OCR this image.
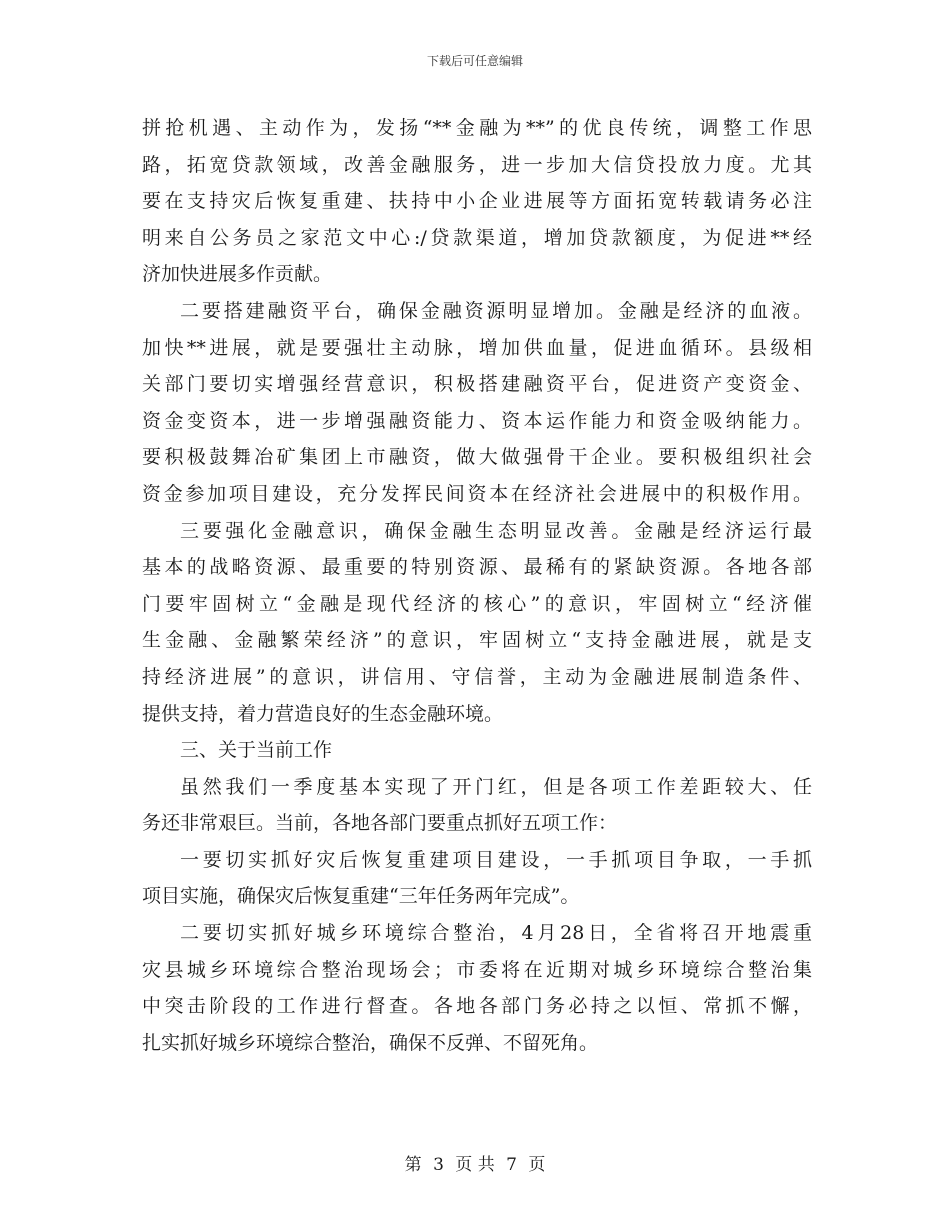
下载后可任意编辑
拼抢机遇、主动作为，发扬“**金融为**”的优良传统，调整工作思
路，拓宽贷款领域，改善金融服务，进一步加大信贷投放力度。尤其
要在支持灾后恢复重建、扶持中小企业进展等方面拓宽转载请务必注
明来自公务员之家范文中心:/贷款渠道，增加贷款额度，为促进**经
济加快进展多作贡献。
二要搭建融资平台，确保金融资源明显增加。金融是经济的血液。
加快**进展，就是要强壮主动脉，增加供血量，促进血循环。县级相
关部门要切实增强经营意识，积极搭建融资平台，促进资产变资金、
资金变资本，进一步增强融资能力、资本运作能力和资金吸纳能力。
要积极鼓舞冶矿集团上市融资，做大做强骨干企业。要积极组织社会
资金参加项目建设，充分发挥民间资本在经济社会进展中的积极作用。
三要强化金融意识，确保金融生态明显改善。金融是经济运行最
基本的战略资源、最重要的特别资源、最稀有的紧缺资源。各地各部
门要牢固树立“金融是现代经济的核心”的意识，牢固树立“经济催
生金融、金融繁荣经济”的意识，牢固树立“支持金融进展，就是支
持经济进展”的意识，讲信用、守信誉，主动为金融进展制造条件、
提供支持，着力营造良好的生态金融环境。
三、关于当前工作
虽然我们一季度基本实现了开门红，但是各项工作差距较大、任
务还非常艰巨。当前，各地各部门要重点抓好五项工作：
一要切实抓好灾后恢复重建项目建设，一手抓项目争取，一手抓
项目实施，确保灾后恢复重建“三年任务两年完成”。
二要切实抓好城乡环境综合整治，4月28日，全省将召开地震重
灾县城乡环境综合整治现场会；市委将在近期对城乡环境综合整治集
中突击阶段的工作进行督查。各地各部门务必持之以恒、常抓不懈，
扎实抓好城乡环境综合整治，确保不反弹、不留死角。
第 3 页 共 7 页
